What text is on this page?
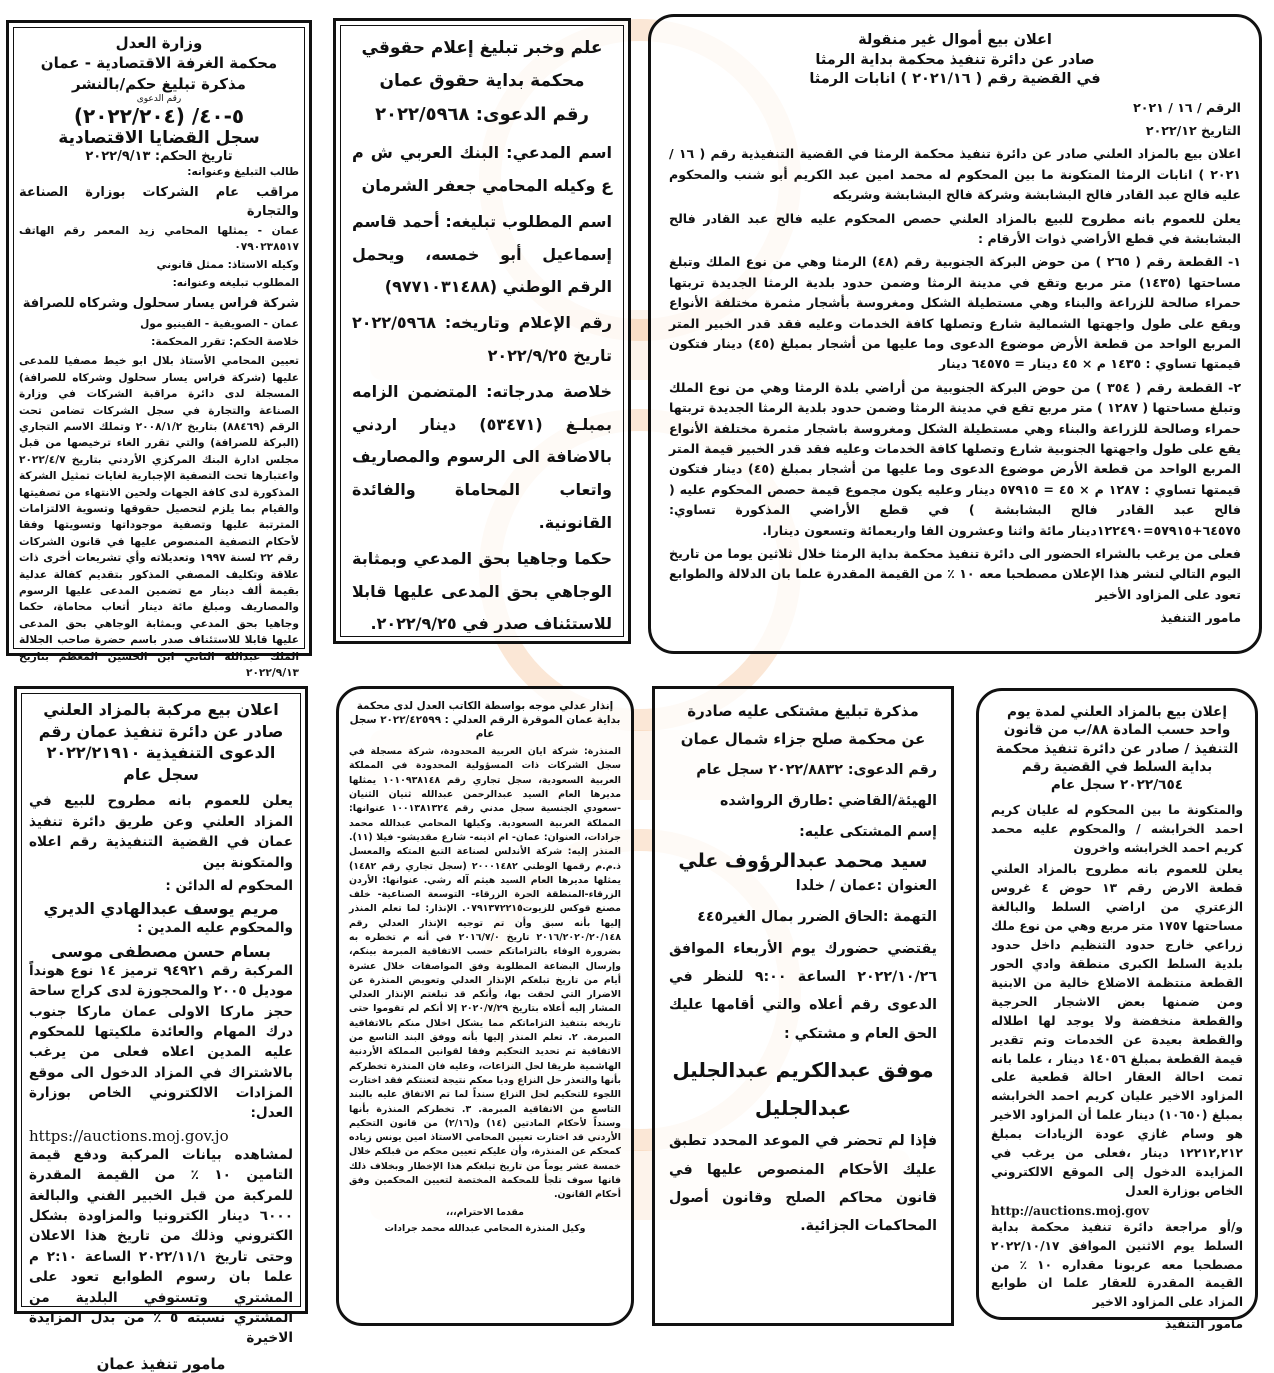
اعلان بيع أموال غير منقولة
صادر عن دائرة تنفيذ محكمة بداية الرمثا
في القضية رقم ( ٢٠٢١/١٦ ) انابات الرمثا
الرقم / ١٦ / ٢٠٢١
التاريخ ٢٠٢٢/١٢

اعلان بيع بالمزاد العلني صادر عن دائرة تنفيذ محكمة الرمثا في القضية التنفيذية رقم ( ١٦ / ٢٠٢١ ) انابات الرمثا المتكونة ما بين المحكوم له محمد امين عبد الكريم أبو شنب والمحكوم عليه فالح عبد القادر فالح البشابشة وشركة فالح البشابشة وشريكه

يعلن للعموم بانه مطروح للبيع بالمزاد العلني حصص المحكوم عليه فالح عبد القادر فالح البشابشة في قطع الأراضي ذوات الأرقام :

١- القطعة رقم ( ٢٦٥ ) من حوض البركة الجنوبية رقم (٤٨) الرمثا وهي من نوع الملك وتبلغ مساحتها (١٤٣٥) متر مربع وتقع في مدينة الرمثا وضمن حدود بلدية الرمثا الجديدة تربتها حمراء صالحة للزراعة والبناء وهي مستطيلة الشكل ومغروسة بأشجار مثمرة مختلفة الأنواع ويقع على طول واجهتها الشمالية شارع وتصلها كافة الخدمات وعليه فقد قدر الخبير المتر المربع الواحد من قطعة الأرض موضوع الدعوى وما عليها من أشجار بمبلغ (٤٥) دينار فتكون قيمتها تساوي : ١٤٣٥ م × ٤٥ دينار = ٦٤٥٧٥ دينار

٢- القطعة رقم ( ٣٥٤ ) من حوض البركة الجنوبية من أراضي بلدة الرمثا وهي من نوع الملك وتبلغ مساحتها ( ١٢٨٧ ) متر مربع تقع في مدينة الرمثا وضمن حدود بلدية الرمثا الجديدة تربتها حمراء وصالحة للزراعة والبناء وهي مستطيلة الشكل ومغروسة باشجار مثمرة مختلفة الأنواع يقع على طول واجهتها الجنوبية شارع وتصلها كافة الخدمات وعليه فقد قدر الخبير قيمة المتر المربع الواحد من قطعة الأرض موضوع الدعوى وما عليها من أشجار بمبلغ (٤٥) دينار فتكون قيمتها تساوي : ١٢٨٧ م × ٤٥ = ٥٧٩١٥ دينار وعليه يكون مجموع قيمة حصص المحكوم عليه ( فالح عبد القادر فالح البشابشة ) في قطع الأراضي المذكورة تساوي: ٦٤٥٧٥+٥٧٩١٥=١٢٢٤٩٠دينار مائة واثنا وعشرون الفا واربعمائة وتسعون دينارا.

فعلى من يرغب بالشراء الحضور الى دائرة تنفيذ محكمة بداية الرمثا خلال ثلاثين يوما من تاريخ اليوم التالي لنشر هذا الإعلان مصطحبا معه ١٠ ٪ من القيمة المقدرة علما بان الدلالة والطوابع تعود على المزاود الأخير

مامور التنفيذ
علم وخبر تبليغ إعلام حقوقي
محكمة بداية حقوق عمان
رقم الدعوى: ٢٠٢٢/٥٩٦٨

اسم المدعي: البنك العربي ش م ع وكيله المحامي جعفر الشرمان

اسم المطلوب تبليغه: أحمد قاسم إسماعيل أبو خمسه، ويحمل الرقم الوطني (٩٧٧١٠٣١٤٨٨)

رقم الإعلام وتاريخه: ٢٠٢٢/٥٩٦٨ تاريخ ٢٠٢٢/٩/٢٥

خلاصة مدرجاته: المتضمن الزامه بمبلـغ (٥٣٤٧١) دينار اردني بالاضافة الى الرسوم والمصاريف واتعاب المحاماة والفائدة القانونية.

حكما وجاهيا بحق المدعي وبمثابة الوجاهي بحق المدعى عليها قابلا للاستئناف صدر في ٢٠٢٢/٩/٢٥.

وزارة العدل
محكمة الغرفة الاقتصادية - عمان
مذكرة تبليغ حكم/بالنشر
رقم الدعوى
٥-٤٠/ (٢٠٢٢/٢٠٤)
سجل القضايا الاقتصادية
تاريخ الحكم: ٢٠٢٢/٩/١٣
طالب التبليغ وعنوانه:
مراقب عام الشركات بوزارة الصناعة والتجارة
عمان - يمثلها المحامي زيد المعمر رقم الهاتف ٠٧٩٠٢٣٨٥١٧
وكيله الاستاذ: ممثل قانوني
المطلوب تبليغه وعنوانه:
شركة فراس يسار سحلول وشركاه للصرافة
عمان - الصويفية - الفينيو مول
خلاصة الحكم: تقرر المحكمة:

تعيين المحامي الأستاذ بلال ابو خيط مصفيا للمدعى عليها (شركة فراس يسار سحلول وشركاه للصرافة) المسجلة لدى دائرة مراقبة الشركات في وزارة الصناعة والتجارة في سجل الشركات تضامن تحت الرقم (٨٨٤٦٩) بتاريخ ٢٠٠٨/١/٢ وتملك الاسم التجاري (البركة للصرافة) والتي تقرر الغاء ترخيصها من قبل مجلس ادارة البنك المركزي الأردني بتاريخ ٢٠٢٢/٤/٧ واعتبارها تحت التصفية الإجبارية لغايات تمثيل الشركة المذكورة لدى كافة الجهات ولحين الانتهاء من تصفيتها والقيام بما يلزم لتحصيل حقوقها وتسوية الالتزامات المترتبة عليها وتصفية موجوداتها وتسويتها وفقا لأحكام التصفية المنصوص عليها في قانون الشركات رقم ٢٢ لسنة ١٩٩٧ وتعديلاته وأي تشريعات أخرى ذات علاقة وتكليف المصفي المذكور بتقديم كفالة عدلية بقيمة ألف دينار مع تضمين المدعى عليها الرسوم والمصاريف ومبلغ مائة دينار أتعاب محاماة، حكما وجاهيا بحق المدعي وبمثابة الوجاهي بحق المدعى عليها قابلا للاستئناف صدر باسم حضرة صاحب الجلالة الملك عبدالله الثاني ابن الحسين المعظم بتاريخ ٢٠٢٢/٩/١٣

إعلان بيع بالمزاد العلني لمدة يوم واحد حسب المادة ٨٨/ب من قانون التنفيذ / صادر عن دائرة تنفيذ محكمة بداية السلط في القضية رقم ٢٠٢٢/٦٥٤ سجل عام

والمتكونة ما بين المحكوم له عليان كريم احمد الخرابشه / والمحكوم عليه محمد كريم احمد الخرابشه واخرون

يعلن للعموم بانه مطروح بالمزاد العلني قطعة الارض رقم ١٣ حوض ٤ غروس الزعتري من اراضي السلط والبالغة مساحتها ١٧٥٧ متر مربع وهي من نوع ملك زراعي خارج حدود التنظيم داخل حدود بلدية السلط الكبرى منطقة وادي الحور القطعة منتظمة الاضلاع خالية من الابنية ومن ضمنها بعض الاشجار الحرجية والقطعة منخفضة ولا يوجد لها اطلاله والقطعة بعيدة عن الخدمات وتم تقدير قيمة القطعة بمبلغ ١٤٠٥٦ دينار ، علما بانه تمت احالة العقار احالة قطعية على المزاود الاخير عليان كريم احمد الخرابشه بمبلغ (١٠٦٥٠) دينار علما أن المزاود الاخير هو وسام غازي عودة الزيادات بمبلغ ١٢٢١٢,٢١٢ دينار ،فعلى من يرغب في المزايدة الدخول إلى الموقع الالكتروني الخاص بوزارة العدل

http://auctions.moj.gov

و/أو مراجعة دائرة تنفيذ محكمة بداية السلط يوم الاثنين الموافق ٢٠٢٢/١٠/١٧ مصطحبا معه عربونا مقداره ١٠ ٪ من القيمة المقدرة للعقار علما ان طوابع المزاد على المزاود الاخير

مامور التنفيذ
مذكرة تبليغ مشتكى عليه صادرة
عن محكمة صلح جزاء شمال عمان
رقم الدعوى: ٢٠٢٢/٨٨٣٢ سجل عام
الهيئة/القاضي :طارق الرواشده
إسم المشتكى عليه:
سيد محمد عبدالرؤوف علي
العنوان :عمان / خلدا
التهمة :الحاق الضرر بمال الغير٤٤٥

يقتضي حضورك يوم الأربعاء الموافق ٢٠٢٢/١٠/٢٦ الساعة ٩:٠٠ للنظر في الدعوى رقم أعلاه والتي أقامها عليك الحق العام و مشتكي :

موفق عبدالكريم عبدالجليل عبدالجليل

فإذا لم تحضر في الموعد المحدد تطبق عليك الأحكام المنصوص عليها في قانون محاكم الصلح وقانون أصول المحاكمات الجزائية.

إنذار عدلي موجه بواسطة الكاتب العدل لدى محكمة بداية عمان الموقرة الرقم العدلي : ٢٠٢٢/٤٢٥٩٩ سجل عام

المنذرة: شركة ايان العربية المحدودة، شركة مسجلة في سجل الشركات ذات المسؤولية المحدودة في المملكة العربية السعودية، سجل تجاري رقم ١٠١٠٩٣٨١٤٨ يمثلها مديرها العام السيد عبدالرحمن عبدالله ثنيان الثنيان -سعودي الجنسية سجل مدني رقم ١٠٠١٣٨١٣٢٤ عنوانها: المملكة العربية السعودية. وكيلها المحامي عبدالله محمد جرادات، العنوان: عمان- ام اذينه- شارع مقديشو- فيلا (١١). المنذر إليه: شركة الأندلس لصناعة التبغ المتكه والمعسل ذ.م.م رقمها الوطني ٢٠٠٠١٤٨٢ (سجل تجاري رقم ١٤٨٢) يمثلها مديرها العام السيد هيثم آله رشي. عنوانها: الأردن الزرقاء-المنطقة الحرة الزرقاء- التوسعة الصناعية- خلف مصنع قوكس للزيوت٠٧٩١٣٧٢٢١٥. الإنذار: لما تعلم المنذر إليها بأنه سبق وأن تم توجيه الإنذار العدلي رقم ٢٠١٦/٢٠٢٠/٢٠/١٤٨ تاريخ ٢٠١٦/٧/٠ في أنه م تخطره به بضرورة الوفاء بالتزاماتكم حسب الاتفاقية المبرمة بينكم، وإرسال البضاعة المطلوبة وفق المواصفات خلال عشرة أيام من تاريخ تبلغكم الإنذار العدلي وتعويض المنذرة عن الاضرار التي لحقت بها، وأنكم قد تبلغتم الإنذار العدلي المشار إليه أعلاه بتاريخ ٢٠٢٠/٧/٢٩ إلا أنكم لم تقوموا حتى تاريخه بتنفيذ التزاماتكم مما يشكل اخلال منكم بالاتفاقية المبرمة. ٢. تعلم المنذر إليها بأنه ووفق البند التاسع من الاتفاقية تم تحديد التحكيم وفقا لقوانين المملكة الأردنية الهاشمية طريقا لحل النزاعات، وعليه فان المنذرة تخطركم بأنها والتعذر حل النزاع وديا معكم نتيجة لتعنتكم فقد اختارت اللجوء للتحكيم لحل النزاع سنداً لما تم الاتفاق عليه بالبند التاسع من الاتفاقية المبرمة. ٣. تخطركم المنذرة بأنها وسنداً لأحكام المادتين (١٤) و(٢/١٦) من قانون التحكيم الأردني قد اختارت تعيين المحامي الاستاذ امين يونس زياده كمحكم عن المنذرة، وأن عليكم تعيين محكم من قبلكم خلال خمسة عشر يوماً من تاريخ تبلغكم هذا الإخطار وبخلاف ذلك فانها سوف تلجأ للمحكمة المختصة لتعيين المحكمين وفق أحكام القانون.

مقدما الاحترام،،،
وكيل المنذرة المحامي عبدالله محمد جرادات
اعلان بيع مركبة بالمزاد العلني صادر عن دائرة تنفيذ عمان رقم الدعوى التنفيذية ٢٠٢٢/٢١٩١٠ سجل عام

يعلن للعموم بانه مطروح للبيع في المزاد العلني وعن طريق دائرة تنفيذ عمان في القضية التنفيذية رقم اعلاه والمتكونة بين

المحكوم له الدائن :
مريم يوسف عبدالهادي الديري
والمحكوم عليه المدين :
بسام حسن مصطفى موسى

المركبة رقم ٩٤٩٢١ ترميز ١٤ نوع هونداً موديل ٢٠٠٥ والمحجوزة لدى كراج ساحة حجز ماركا الاولى عمان ماركا جنوب درك المهام والعائدة ملكيتها للمحكوم عليه المدين اعلاه فعلى من يرغب بالاشتراك في المزاد الدخول الى موقع المزادات الالكتروني الخاص بوزارة العدل:

https://auctions.moj.gov.jo

لمشاهده بيانات المركبة ودفع قيمة التامين ١٠ ٪ من القيمة المقدرة للمركبة من قبل الخبير الفني والبالغة ٦٠٠٠ دينار الكترونيا والمزاودة بشكل الكتروني وذلك من تاريخ هذا الاعلان وحتى تاريخ ٢٠٢٢/١١/١ الساعة ٢:١٠ م علما بان رسوم الطوابع تعود على المشتري وتستوفي البلدية من المشتري نسبته ٥ ٪ من بدل المزايدة الاخيرة

مامور تنفيذ عمان
